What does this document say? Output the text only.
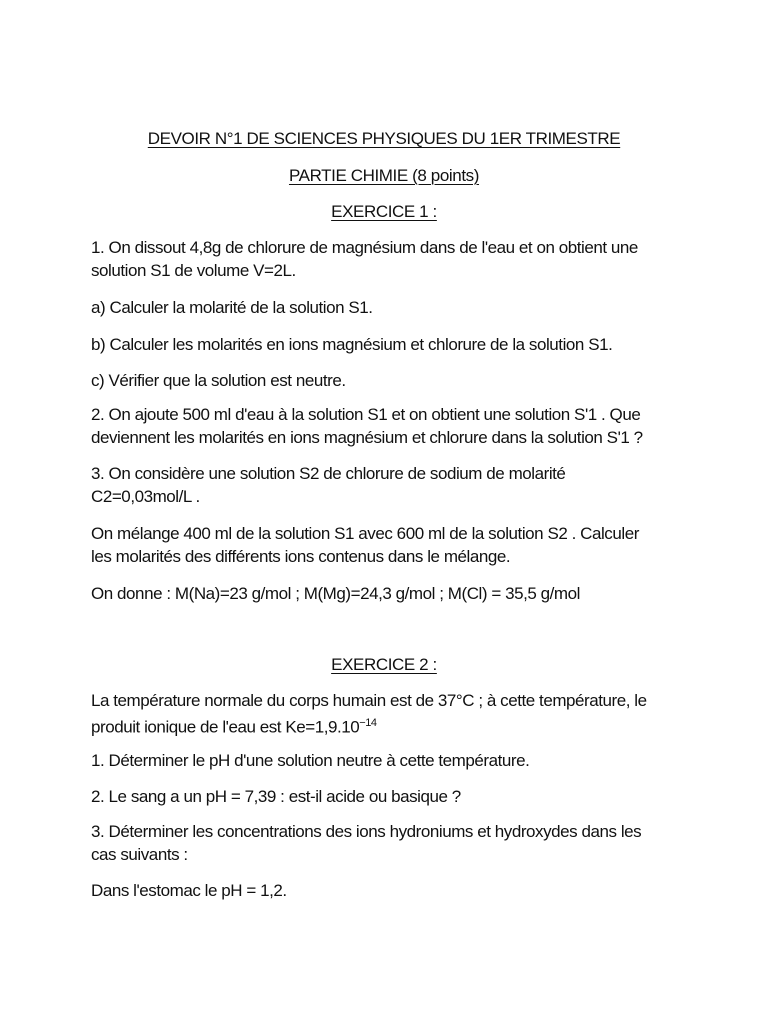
DEVOIR N°1 DE SCIENCES PHYSIQUES DU 1ER TRIMESTRE
PARTIE CHIMIE (8 points)
EXERCICE 1 :
1. On dissout 4,8g de chlorure de magnésium dans de l'eau et on obtient une
solution S1 de volume V=2L.
a) Calculer la molarité de la solution S1.
b) Calculer les molarités en ions magnésium et chlorure de la solution S1.
c) Vérifier que la solution est neutre.
2. On ajoute 500 ml d'eau à la solution S1 et on obtient une solution S'1 . Que
deviennent les molarités en ions magnésium et chlorure dans la solution S'1 ?
3. On considère une solution S2 de chlorure de sodium de molarité
C2=0,03mol/L .
On mélange 400 ml de la solution S1 avec 600 ml de la solution S2 . Calculer
les molarités des différents ions contenus dans le mélange.
On donne : M(Na)=23 g/mol ; M(Mg)=24,3 g/mol ; M(Cl) = 35,5 g/mol
EXERCICE 2 :
La température normale du corps humain est de 37°C ; à cette température, le
produit ionique de l'eau est $Ke=1,9.10^{-14}$
1. Déterminer le pH d'une solution neutre à cette température.
2. Le sang a un pH = 7,39 : est-il acide ou basique ?
3. Déterminer les concentrations des ions hydroniums et hydroxydes dans les
cas suivants :
Dans l'estomac le pH = 1,2.
